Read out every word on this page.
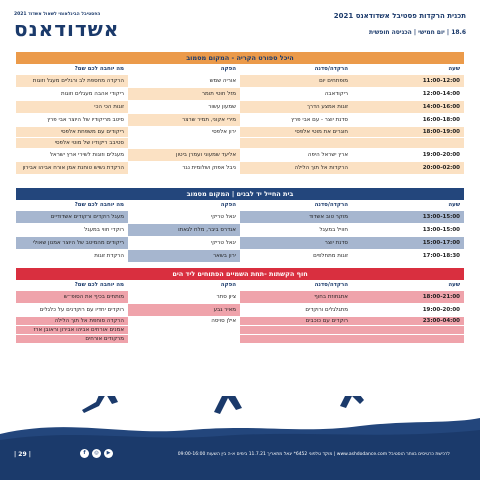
תכנית הרקדות פסטיבל אשדודאנס 2021
18.6 | יום חמישי | הכניסה חופשית
הפסטיבל הבינלאומי לשאול אשדוד 2021
אשדודאנס
היכל ספורט הקריה - המקום מסמוב			
שעה	הרקדה/סדנה	הפקה	מה יוחבה לכם שם?
11:00-12:00	מופתחים יום	אוריה שמש	הרקדה מחספת לב ורגליים מעגל וזוגות
12:00-14:00	ריקודאבה	מזל חוטי תומר	ריקודי אהבה מעגלים וזוגות
14:00-16:00	זוגות אמצע הדרך	שמעון עשור	זוגות הכי הכי
16:00-18:00	סדנת יוצר - עם אבי פרץ	מירי אקוני, תמיר שרצר	סיטב מריקודיו של היוצר אבי פרץ
18:00-19:00	חוגרים את מוטי אלפסי	ירון אלפסי	ריקודים עם משפחת אלפסי
			סטיבב ריקודיו של מוטי אלפסי
19:00-20:00	ארץ ישראל היפה	אליעד שמעוני ועמרן ביטון	מעגלים וזוגות לשירי ארץ ישראל
20:00-02:00	הרקדות אל תוך הלילה	ניבל אפוק ושלומית נגר	הרקדת נשיש טוחנת אמן אורח אביהו אבירון
בית החייל יד לבנים | המקום מסמוב			
שעה	הרקדה/סדנה	הפקה	מה יוחבה לכם שם?
13:00-15:00	מוקר טוב אשדוד	יגאל טריקי	מעגל רוקדים ורקודים אשדודיים
13:00-15:00	חוויל במעגל	אנדרס ביבר, מלח לגאתו	רוקדי חווי במעגל
15:00-17:00	סדנת יוצר	יגאל טריקי	ריקודים מהמיטב של היוצר אמנון שאולי
17:00-18:30	זוגות מתחלפים	ירון בשאר	הרקדת זוגות
חוף הקשתות -תחת השמיים הפתוחים ליד הים			
שעה	הרקדה/סדנה	הפקה	מה יוחבה לכם שם?
18:00-21:00	אתגחוזת בחוף	ציון סתר	מותחים בכיף את הסופ״ש
19:00-20:00	מתגלגלים ורוקדים	מאיר גבע	רוקדים יחדיו עם רוקדנים על כלגלים
23:00-04:00	רוקדים עם כוכבים	אילן סויסה	הרקדה סוחפת אל תוך הלילה
			אמנים אורחים אביהו אבירון וראובן ארז
			מרקודים אורחים
לרכישת כרטיסים בוותר הוסטיבל www.ashdodance.com | מוקד טלפוני 6452* יגאל מתאריך 11.7.21 בימים א-ה בין השעות 09:00-16:00
| 29 |	f	◎	▶
